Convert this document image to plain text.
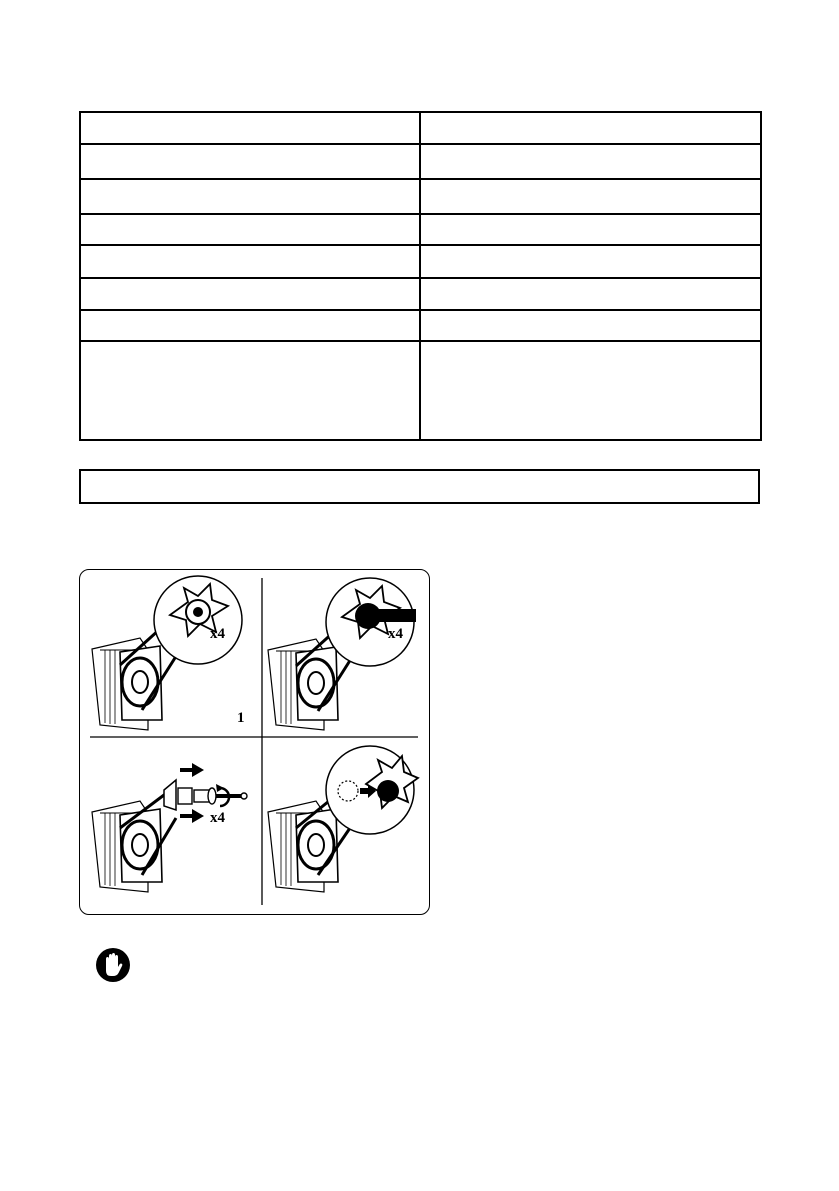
x4	x4
x4
1
